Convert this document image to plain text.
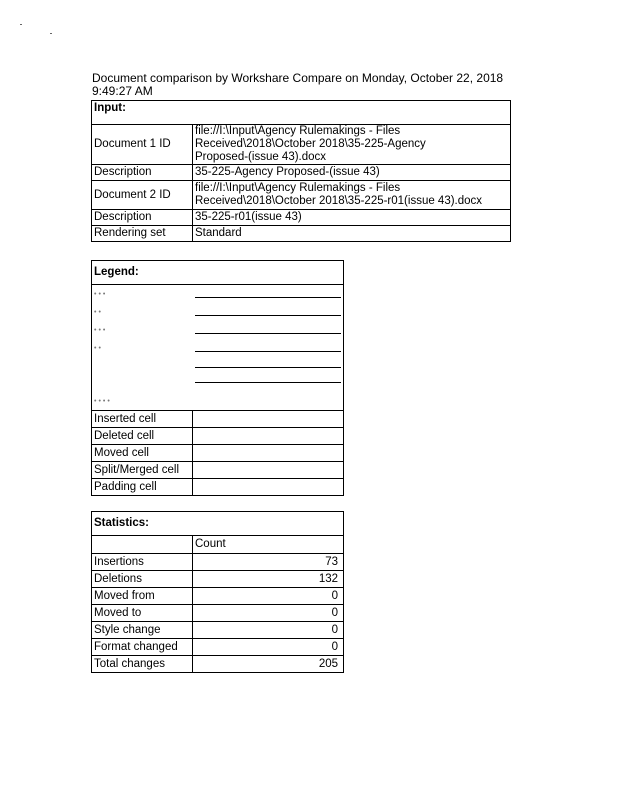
Document comparison by Workshare Compare on Monday, October 22, 2018
9:49:27 AM
Input:	
Document 1 ID	file://I:\Input\Agency Rulemakings - Files
Received\2018\October 2018\35-225-Agency
Proposed-(issue 43).docx

Description	35-225-Agency Proposed-(issue 43)
Document 2 ID	file://I:\Input\Agency Rulemakings - Files
Received\2018\October 2018\35-225-r01(issue 43).docx

Description	35-225-r01(issue 43)
Rendering set	Standard
Legend:	
•••	

••	

•••	

••	

••••	
Inserted cell	
Deleted cell	
Moved cell	
Split/Merged cell	
Padding cell	
Statistics:	
	Count
Insertions	73
Deletions	132
Moved from	0
Moved to	0
Style change	0
Format changed	0
Total changes	205
